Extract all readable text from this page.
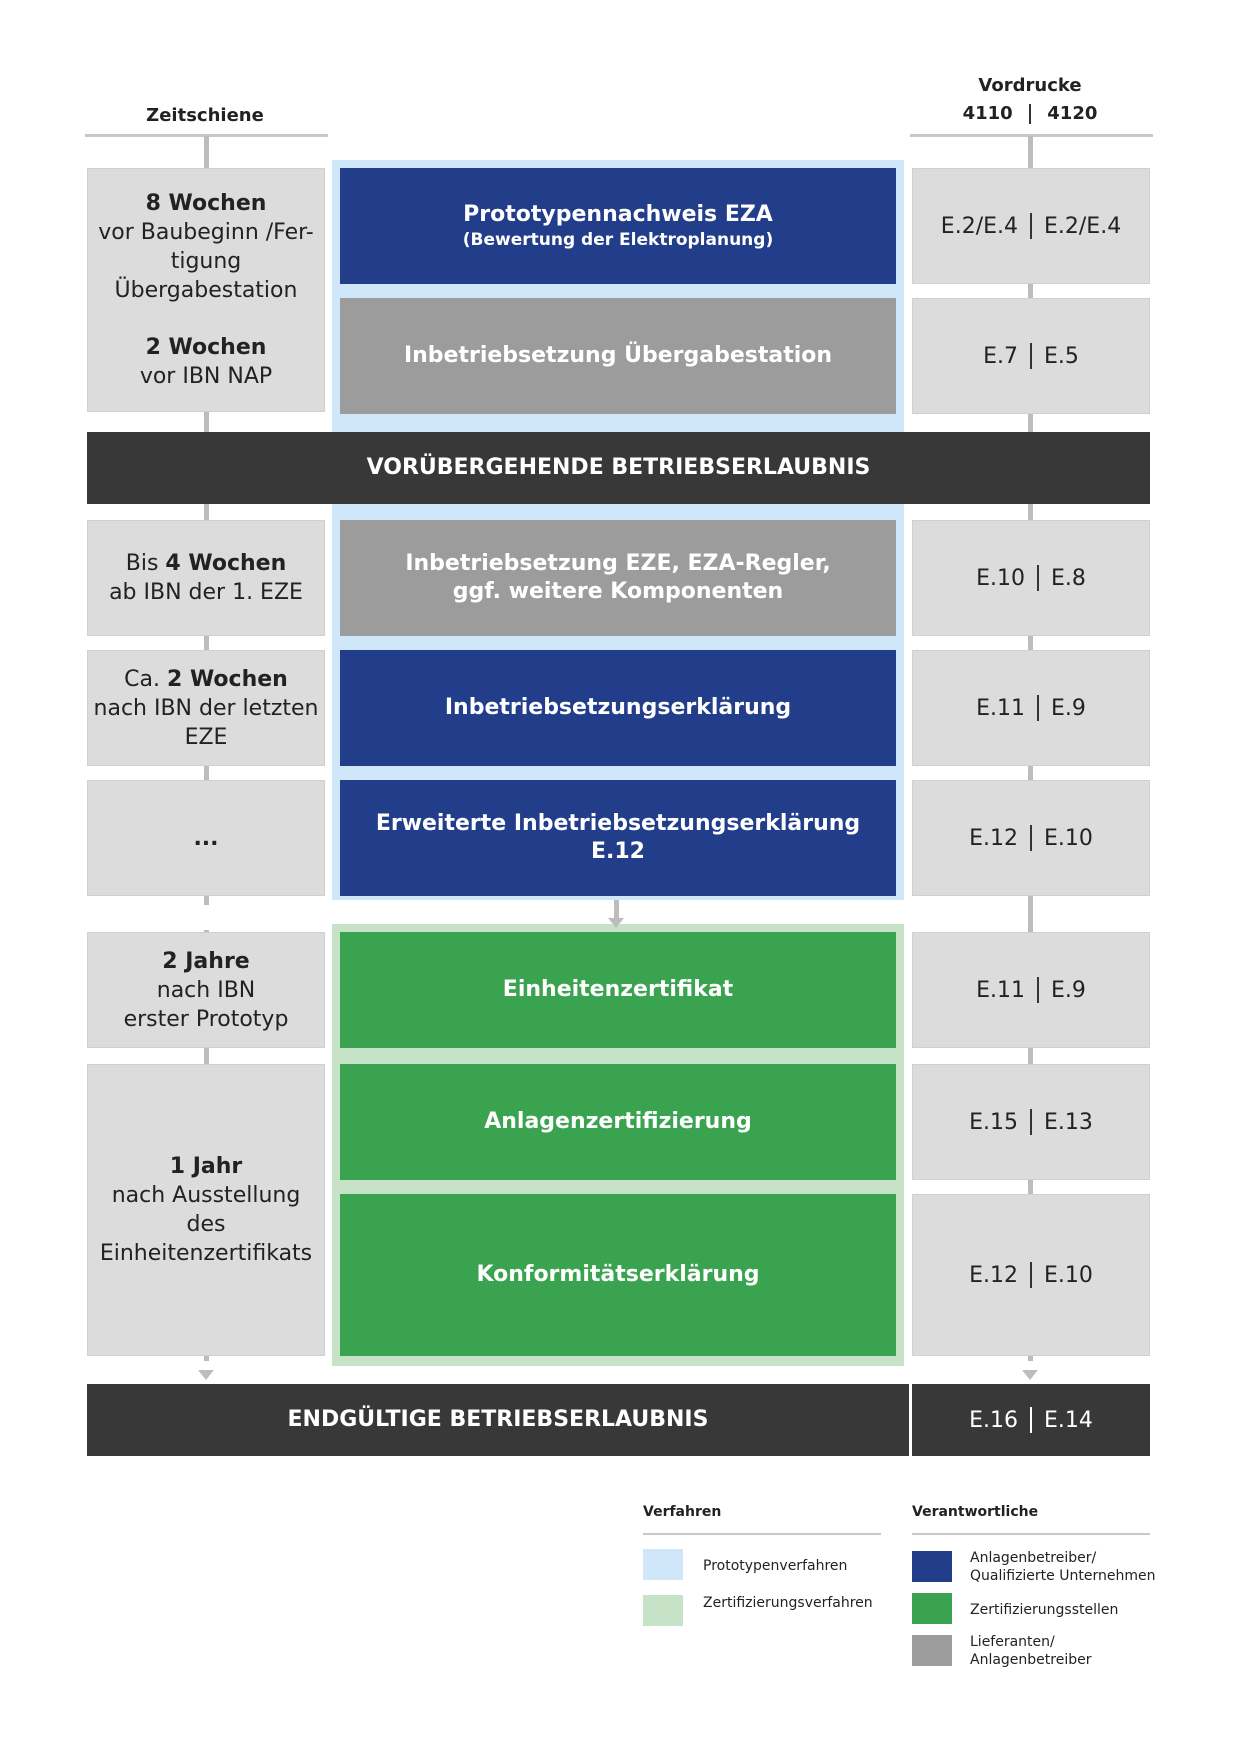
Zeitschiene
Vordrucke
4110 4120
8 Wochen
vor Baubeginn /Fer-
tigung Übergabestation
2 Wochen
vor IBN NAP
Bis 4 Wochen
ab IBN der 1. EZE
Ca. 2 Wochen
nach IBN der letzten EZE
...
2 Jahre
nach IBN
erster Prototyp
1 Jahr
nach Ausstellung
des
Einheitenzertifikats
Prototypennachweis EZA
(Bewertung der Elektroplanung)
Inbetriebsetzung Übergabestation
Inbetriebsetzung EZE, EZA-Regler,
ggf. weitere Komponenten
Inbetriebsetzungserklärung
Erweiterte Inbetriebsetzungserklärung
E.12
Einheitenzertifikat
Anlagenzertifizierung
Konformitätserklärung
VORÜBERGEHENDE BETRIEBSERLAUBNIS
ENDGÜLTIGE BETRIEBSERLAUBNIS
E.2/E.4 E.2/E.4
E.7 E.5
E.10 E.8
E.11 E.9
E.12 E.10
E.11 E.9
E.15 E.13
E.12 E.10
E.16 E.14
Verfahren
Prototypenverfahren
Zertifizierungsverfahren
Verantwortliche
Anlagenbetreiber/
Qualifizierte Unternehmen
Zertifizierungsstellen
Lieferanten/
Anlagenbetreiber
